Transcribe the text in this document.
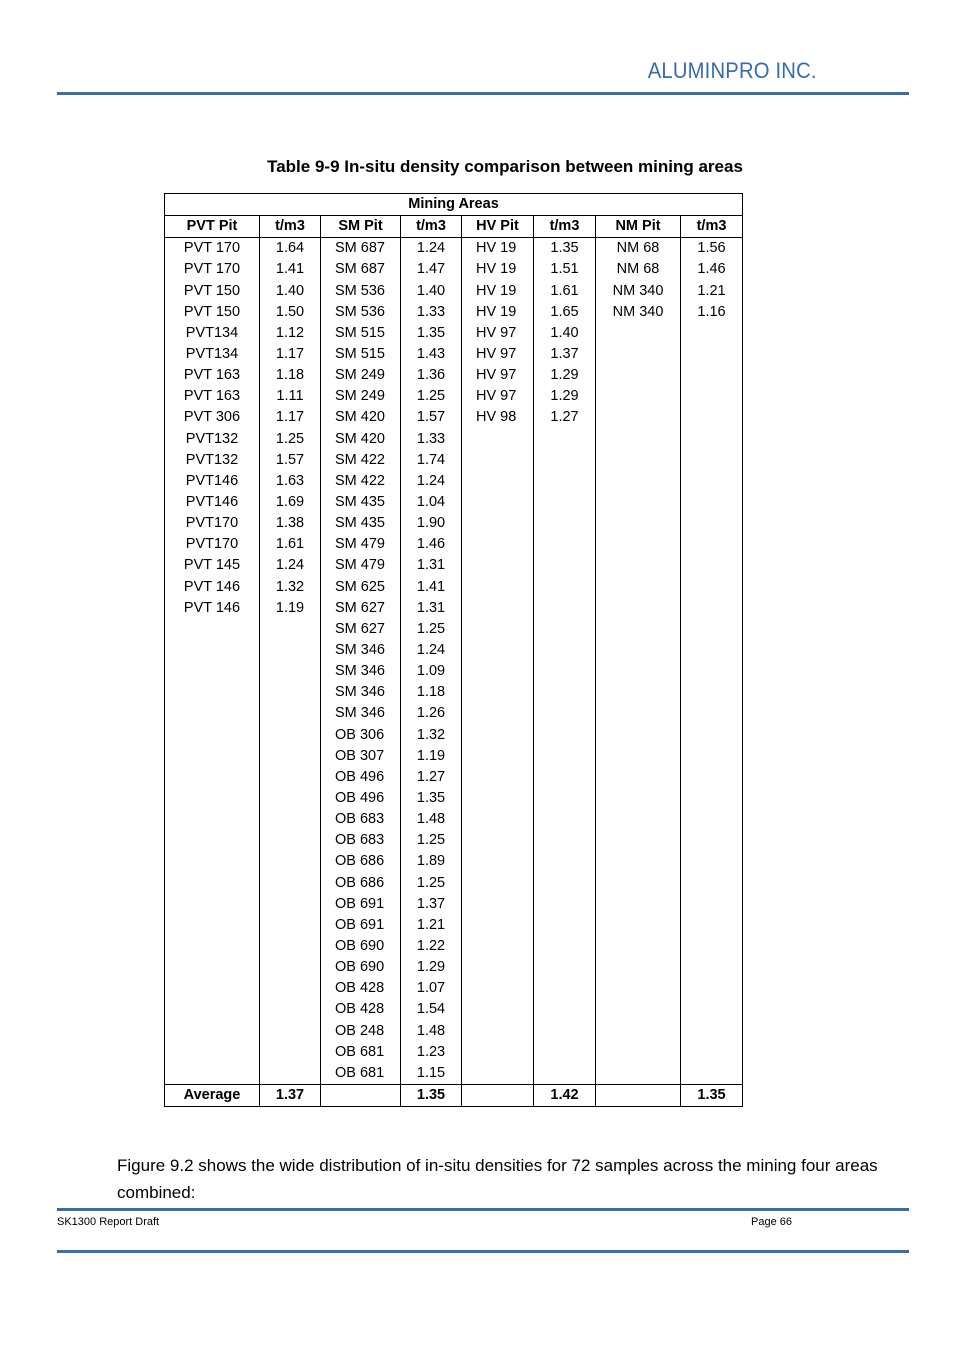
ALUMINPRO INC.
Table 9-9 In-situ density comparison between mining areas
Mining Areas							
PVT Pit	t/m3	SM Pit	t/m3	HV Pit	t/m3	NM Pit	t/m3
PVT 170	1.64	SM 687	1.24	HV 19	1.35	NM 68	1.56
PVT 170	1.41	SM 687	1.47	HV 19	1.51	NM 68	1.46
PVT 150	1.40	SM 536	1.40	HV 19	1.61	NM 340	1.21
PVT 150	1.50	SM 536	1.33	HV 19	1.65	NM 340	1.16
PVT134	1.12	SM 515	1.35	HV 97	1.40		
PVT134	1.17	SM 515	1.43	HV 97	1.37		
PVT 163	1.18	SM 249	1.36	HV 97	1.29		
PVT 163	1.11	SM 249	1.25	HV 97	1.29		
PVT 306	1.17	SM 420	1.57	HV 98	1.27		
PVT132	1.25	SM 420	1.33				
PVT132	1.57	SM 422	1.74				
PVT146	1.63	SM 422	1.24				
PVT146	1.69	SM 435	1.04				
PVT170	1.38	SM 435	1.90				
PVT170	1.61	SM 479	1.46				
PVT 145	1.24	SM 479	1.31				
PVT 146	1.32	SM 625	1.41				
PVT 146	1.19	SM 627	1.31				
		SM 627	1.25				
		SM 346	1.24				
		SM 346	1.09				
		SM 346	1.18				
		SM 346	1.26				
		OB 306	1.32				
		OB 307	1.19				
		OB 496	1.27				
		OB 496	1.35				
		OB 683	1.48				
		OB 683	1.25				
		OB 686	1.89				
		OB 686	1.25				
		OB 691	1.37				
		OB 691	1.21				
		OB 690	1.22				
		OB 690	1.29				
		OB 428	1.07				
		OB 428	1.54				
		OB 248	1.48				
		OB 681	1.23				
		OB 681	1.15				
Average	1.37		1.35		1.42		1.35
Figure 9.2 shows the wide distribution of in-situ densities for 72 samples across the mining four areas combined:
SK1300 Report Draft	Page 66
